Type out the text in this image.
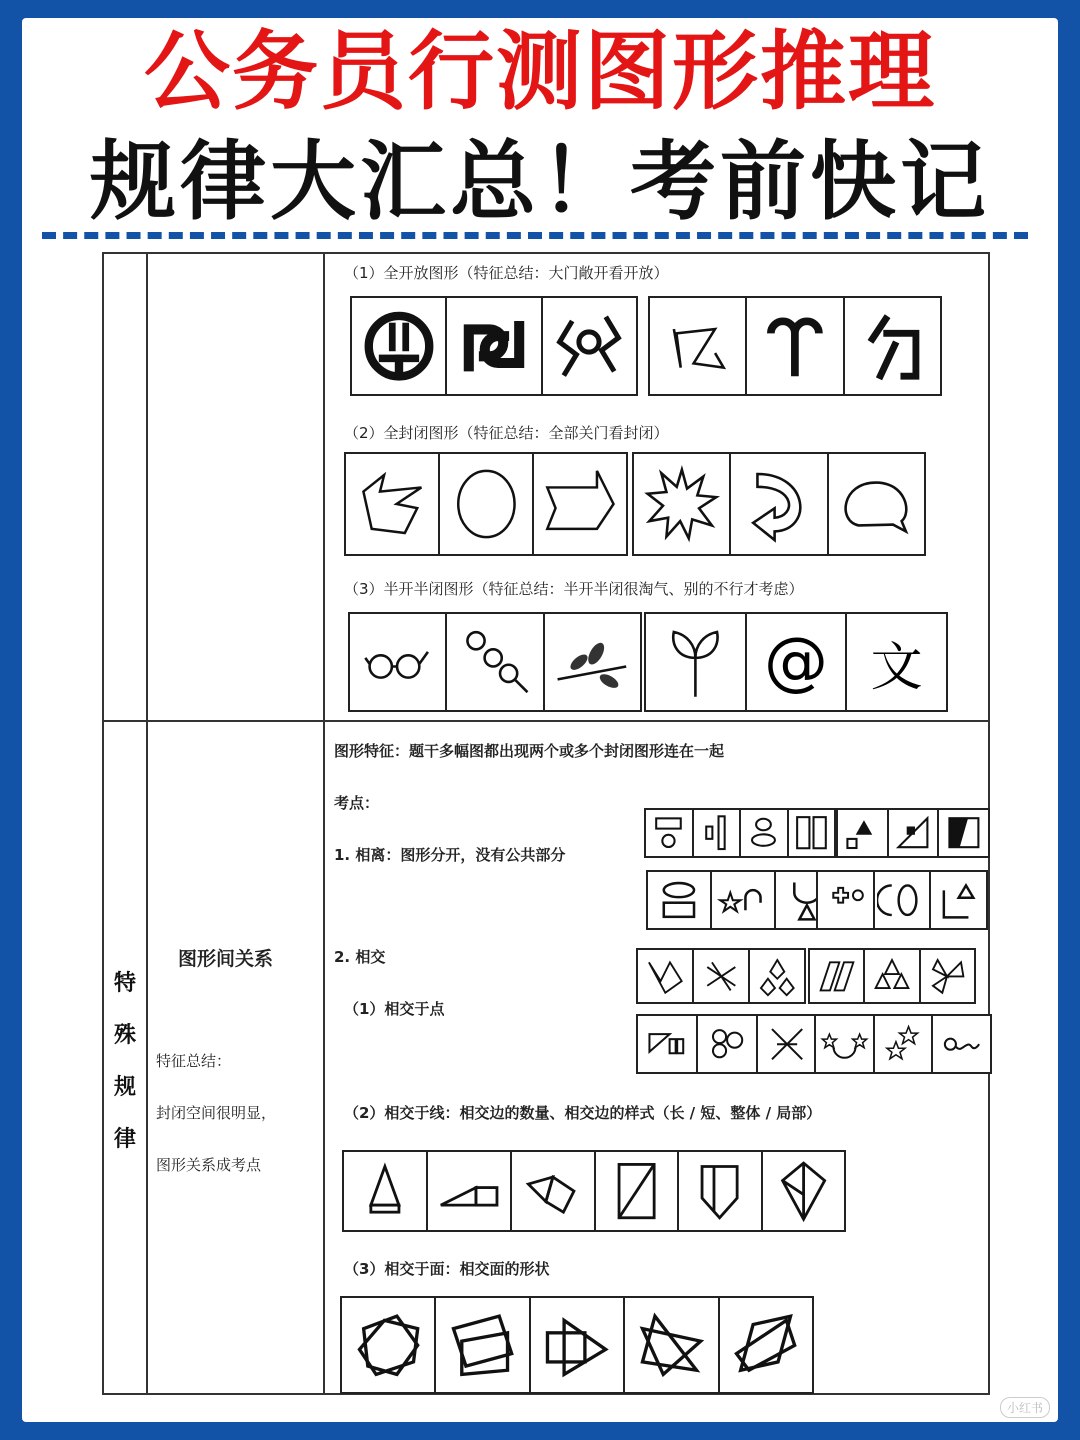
公务员行测图形推理
规律大汇总！考前快记
（1）全开放图形（特征总结：大门敞开看开放）
（2）全封闭图形（特征总结：全部关门看封闭）
（3）半开半闭图形（特征总结：半开半闭很淘气、别的不行才考虑）
@ 文
特
殊
规
律
图形间关系
特征总结：
封闭空间很明显，
图形关系成考点
图形特征：题干多幅图都出现两个或多个封闭图形连在一起
考点：
1. 相离：图形分开，没有公共部分
2. 相交
（1）相交于点
（2）相交于线：相交边的数量、相交边的样式（长 / 短、整体 / 局部）
（3）相交于面：相交面的形状
小红书
